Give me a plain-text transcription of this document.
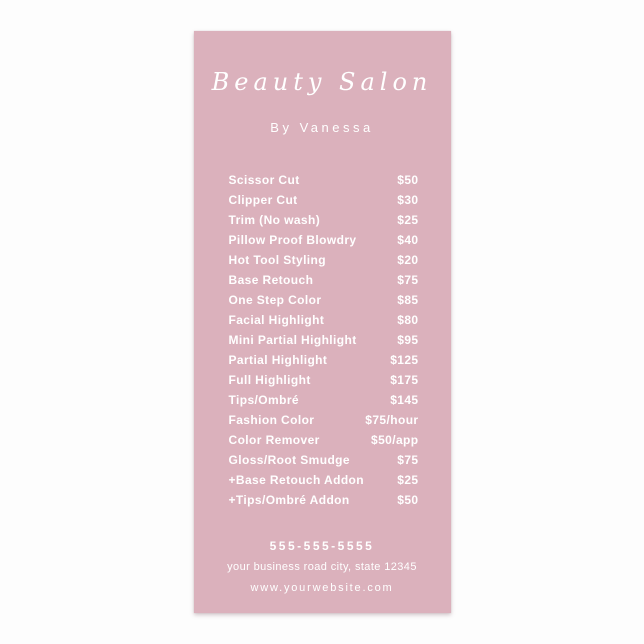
Beauty Salon
By Vanessa
Scissor Cut	$50
Clipper Cut	$30
Trim (No wash)	$25
Pillow Proof Blowdry	$40
Hot Tool Styling	$20
Base Retouch	$75
One Step Color	$85
Facial Highlight	$80
Mini Partial Highlight	$95
Partial Highlight	$125
Full Highlight	$175
Tips/Ombré	$145
Fashion Color	$75/hour
Color Remover	$50/app
Gloss/Root Smudge	$75
+Base Retouch Addon	$25
+Tips/Ombré Addon	$50
555-555-5555
your business road city, state 12345
www.yourwebsite.com
